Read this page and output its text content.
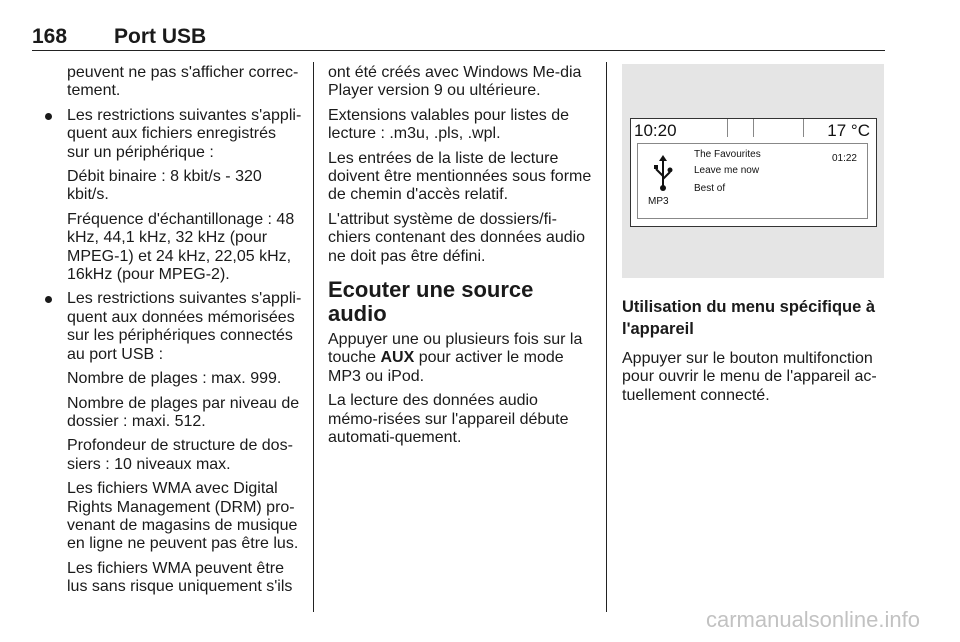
168 Port USB

peuvent ne pas s'afficher correc-tement.

Les restrictions suivantes s'appli-quent aux fichiers enregistrés sur un périphérique :

Débit binaire : 8 kbit/s - 320 kbit/s.

Fréquence d'échantillonage : 48 kHz, 44,1 kHz, 32 kHz (pour MPEG-1) et 24 kHz, 22,05 kHz, 16kHz (pour MPEG-2).

Les restrictions suivantes s'appli-quent aux données mémorisées sur les périphériques connectés au port USB :

Nombre de plages : max. 999.

Nombre de plages par niveau de dossier : maxi. 512.

Profondeur de structure de dos-siers : 10 niveaux max.

Les fichiers WMA avec Digital Rights Management (DRM) pro-venant de magasins de musique en ligne ne peuvent pas être lus.

Les fichiers WMA peuvent être lus sans risque uniquement s'ils

ont été créés avec Windows Me-dia Player version 9 ou ultérieure.

Extensions valables pour listes de lecture : .m3u, .pls, .wpl.

Les entrées de la liste de lecture doivent être mentionnées sous forme de chemin d'accès relatif.

L'attribut système de dossiers/fi-chiers contenant des données audio ne doit pas être défini.

Ecouter une source audio

Appuyer une ou plusieurs fois sur la touche AUX pour activer le mode MP3 ou iPod.

La lecture des données audio mémo-risées sur l'appareil débute automati-quement.

10:20	17 °C
MP3
The Favourites
Leave me now
Best of
01:22
Utilisation du menu spécifique à l'appareil

Appuyer sur le bouton multifonction pour ouvrir le menu de l'appareil ac-tuellement connecté.

carmanualsonline.info
